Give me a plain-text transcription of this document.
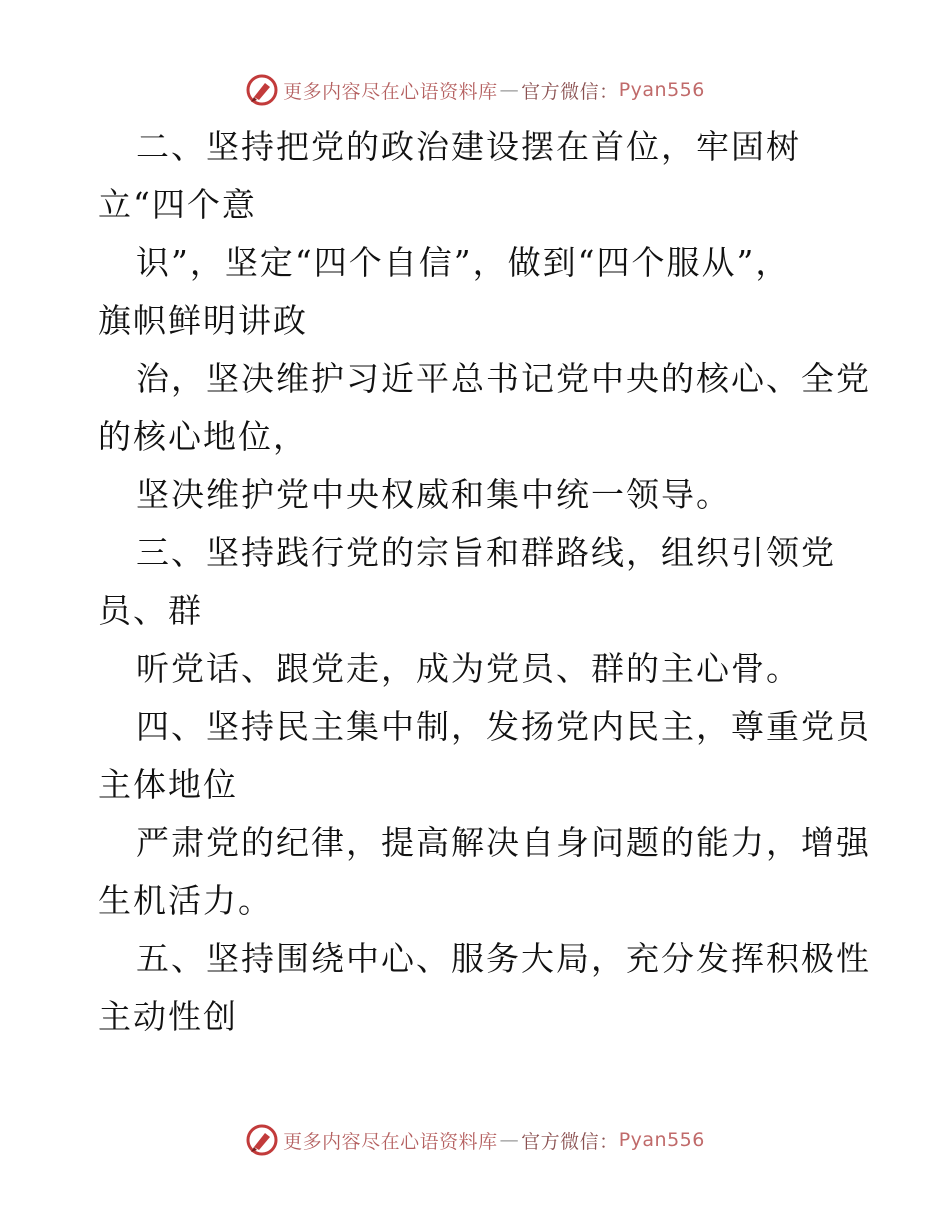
更多内容尽在心语资料库 — 官方微信： Pyan556
二、坚持把党的政治建设摆在首位，牢固树
立“四个意
识”，坚定“四个自信”，做到“四个服从”，
旗帜鲜明讲政
治，坚决维护习近平总书记党中央的核心、全党
的核心地位，
坚决维护党中央权威和集中统一领导。
三、坚持践行党的宗旨和群路线，组织引领党
员、群
听党话、跟党走，成为党员、群的主心骨。
四、坚持民主集中制，发扬党内民主，尊重党员
主体地位
严肃党的纪律，提高解决自身问题的能力，增强
生机活力。
五、坚持围绕中心、服务大局，充分发挥积极性
主动性创
更多内容尽在心语资料库 — 官方微信： Pyan556
